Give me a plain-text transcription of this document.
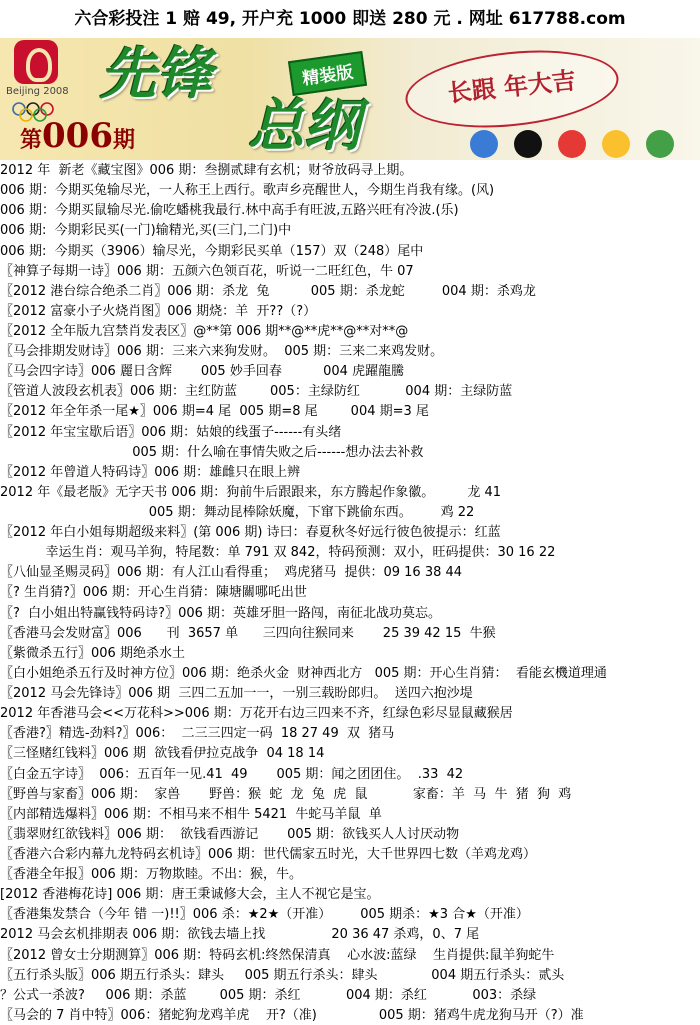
六合彩投注 1 赔 49, 开户充 1000 即送 280 元 . 网址 617788.com
Beijing 2008 先锋	精装版
总纲
第006期
长跟 年大吉
2012 年  新老《藏宝图》006 期：叁捌贰肆有玄机；财爷放码寻上期。
006 期：今期买兔输尽光，一人称王上西行。歌声乡亮醒世人，今期生肖我有缘。(风)
006 期：今期买鼠输尽光.偷吃蟠桃我最行.林中高手有旺波,五路兴旺有冷波.(乐)
006 期:  今期彩民买(一门)输精光,买(三门,二门)中
006 期:  今期买（3906）输尽光，今期彩民买单（157）双（248）尾中
〖神算子每期一诗〗006 期：五颜六色领百花，听说一二旺红色，牛 07
〖2012 港台综合绝杀二肖〗006 期：杀龙  兔          005 期：杀龙蛇         004 期：杀鸡龙
〖2012 富豪小子火烧肖图〗006 期烧：羊  开??（?）
〖2012 全年版九宫禁肖发表区〗@**第 006 期**@**虎**@**对**@
〖马会排期发财诗〗006 期：三来六来狗发财。  005 期：三来二来鸡发财。
〖马会四字诗〗006 麗日含辉       005 妙手回春          004 虎躍龍騰
〖管道人波段玄机表〗006 期：主红防蓝        005：主绿防红           004 期：主绿防蓝
〖2012 年全年杀一尾★〗006 期=4 尾  005 期=8 尾        004 期=3 尾
〖2012 年宝宝歇后语〗006 期：姑娘的线蛋子------有头绪
005 期：什么喻在事情失败之后------想办法去补救
〖2012 年曾道人特码诗〗006 期：雄雌只在眼上辨
2012 年《最老版》无字天书 006 期：狗前牛后跟跟来，东方腾起作象徽。        龙 41
005 期：舞动昆棒除妖魔，下窜下跳偷东西。       鸡 22
〖2012 年白小姐每期超级来料〗(第 006 期) 诗曰：春夏秋冬好远行彼色彼提示：红蓝
幸运生肖：观马羊狗，特尾数：单 791 双 842，特码预测：双小，旺码提供：30 16 22
〖八仙显圣赐灵码〗006 期：有人江山看得重；  鸡虎猪马  提供：09 16 38 44
〖? 生肖猜?〗006 期：开心生肖猜：陳塘關哪吒出世
〖?  白小姐出特赢钱特码诗?〗006 期：英雄牙胆一路闯，南征北战功莫忘。
〖香港马会发财富〗006      刊  3657 单      三四向往猴同来       25 39 42 15  牛猴
〖紫微杀五行〗006 期绝杀水土
〖白小姐绝杀五行及时神方位〗006 期：绝杀火金  财神西北方   005 期：开心生肖猜：  看能玄機道理通
〖2012 马会先锋诗〗006 期  三四二五加一一，一别三载盼郎归。  送四六抱沙堤
2012 年香港马会<<万花科>>006 期：万花开右边三四来不齐，红绿色彩尽显鼠藏猴居
〖香港?〗精选-劲料?〗006：  二三三四定一码  18 27 49  双  猪马
〖三怪赌红钱料〗006 期  欲钱看伊拉克战争  04 18 14
〖白金五字诗〗  006：五百年一见.41  49       005 期：闻之团团住。  .33  42
〖野兽与家畜〗006 期：  家兽       野兽：猴  蛇  龙  兔  虎  鼠           家畜：羊  马  牛  猪  狗  鸡
〖内部精选爆料〗006 期：不相马来不相牛 5421  牛蛇马羊鼠  单
〖翡翠财红欲钱料〗006 期：  欲钱看西游记       005 期：欲钱买人人讨厌动物
〖香港六合彩内幕九龙特码玄机诗〗006 期：世代儒家五时光，大千世界四七数（羊鸡龙鸡）
〖香港全年报〗006 期：万物欺睦。不出：猴，牛。
[2012 香港梅花诗] 006 期：唐王秉诚修大会，主人不视它是宝。
〖香港集发禁合（今年 错 一)!!〗006 杀：★2★（开准）       005 期杀：★3 合★（开准）
2012 马会玄机排期表 006 期：欲钱去墙上找                20 36 47 杀鸡，0、7 尾
〖2012 曾女士分期测算〗006 期：特码玄机:终然保清真    心水波:蓝绿    生肖提供:鼠羊狗蛇牛
〖五行杀头版〗006 期五行杀头：肆头     005 期五行杀头：肆头             004 期五行杀头：贰头
？公式一杀波?     006 期：杀蓝        005 期：杀红           004 期：杀红           003：杀绿
〖马会的 7 肖中特〗006：猪蛇狗龙鸡羊虎    开?（准)               005 期：猪鸡牛虎龙狗马开（?）准
